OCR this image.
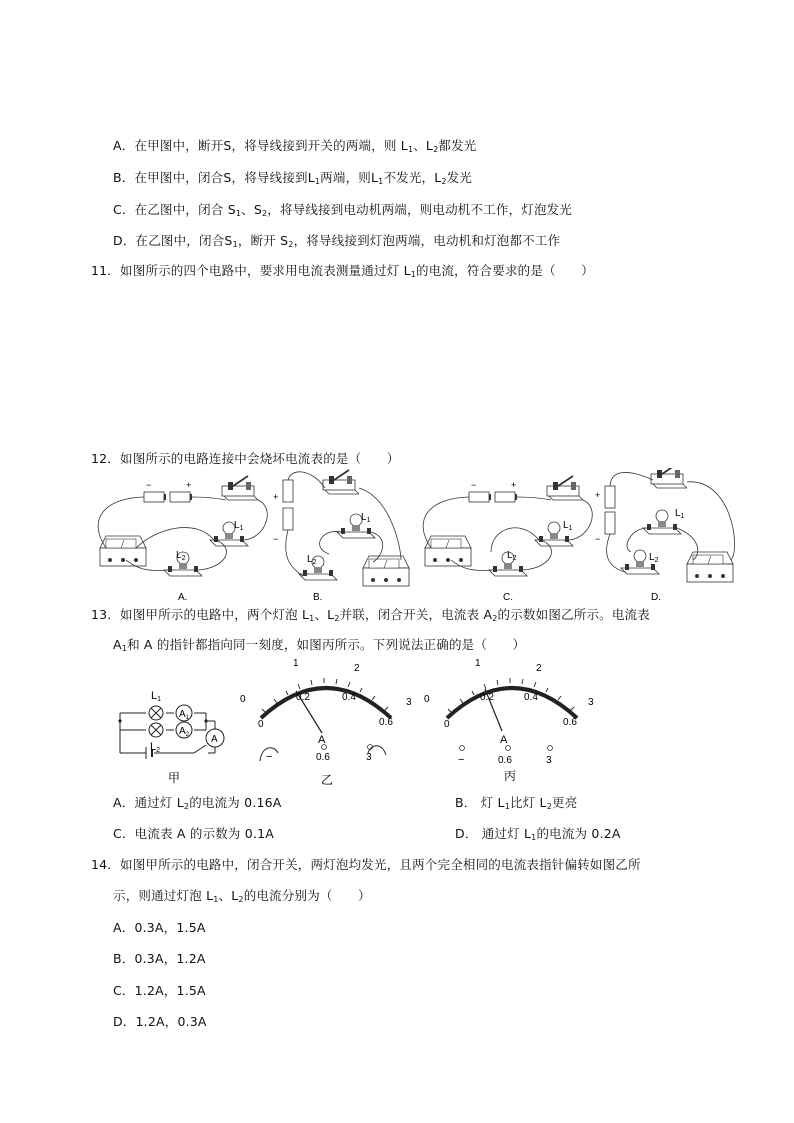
A．在甲图中，断开S，将导线接到开关的两端，则 $L_1$、$L_2$都发光
B．在甲图中，闭合S，将导线接到$L_1$两端，则$L_1$不发光，$L_2$发光
C．在乙图中，闭合 $S_1$、$S_2$，将导线接到电动机两端，则电动机不工作，灯泡发光
D．在乙图中，闭合$S_1$，断开 $S_2$，将导线接到灯泡两端，电动机和灯泡都不工作
11．如图所示的四个电路中，要求用电流表测量通过灯 $L_1$的电流，符合要求的是（　　）
12．如图所示的电路连接中会烧坏电流表的是（　　）
−	+
$L_1$
$L_2$
A.
+
−
$L_1$
$L_2$
B.
−	+
$L_1$
$L_2$
C.
+
−
$L_1$
$L_2$
D.
13．如图甲所示的电路中，两个灯泡 $L_1$、$L_2$并联，闭合开关，电流表 $A_2$的示数如图乙所示。电流表
$A_1$和 A 的指针都指向同一刻度，如图丙所示。下列说法正确的是（　　）
L1
L2
$A_1$
$A_2$ A
甲
1	2
3
0
0
0.2	0.4
0.6
A
−	0.6	3
乙
1	2
3
0
0
0.2	0.4
0.6
A
−	0.6	3
丙
A．通过灯 $L_2$的电流为 0.16A	B． 灯 $L_1$比灯 $L_2$更亮
C．电流表 A 的示数为 0.1A	D． 通过灯 $L_1$的电流为 0.2A
14．如图甲所示的电路中，闭合开关，两灯泡均发光，且两个完全相同的电流表指针偏转如图乙所
示，则通过灯泡 $L_1$、$L_2$的电流分别为（　　）
A．0.3A，1.5A
B．0.3A，1.2A
C．1.2A，1.5A
D．1.2A，0.3A
